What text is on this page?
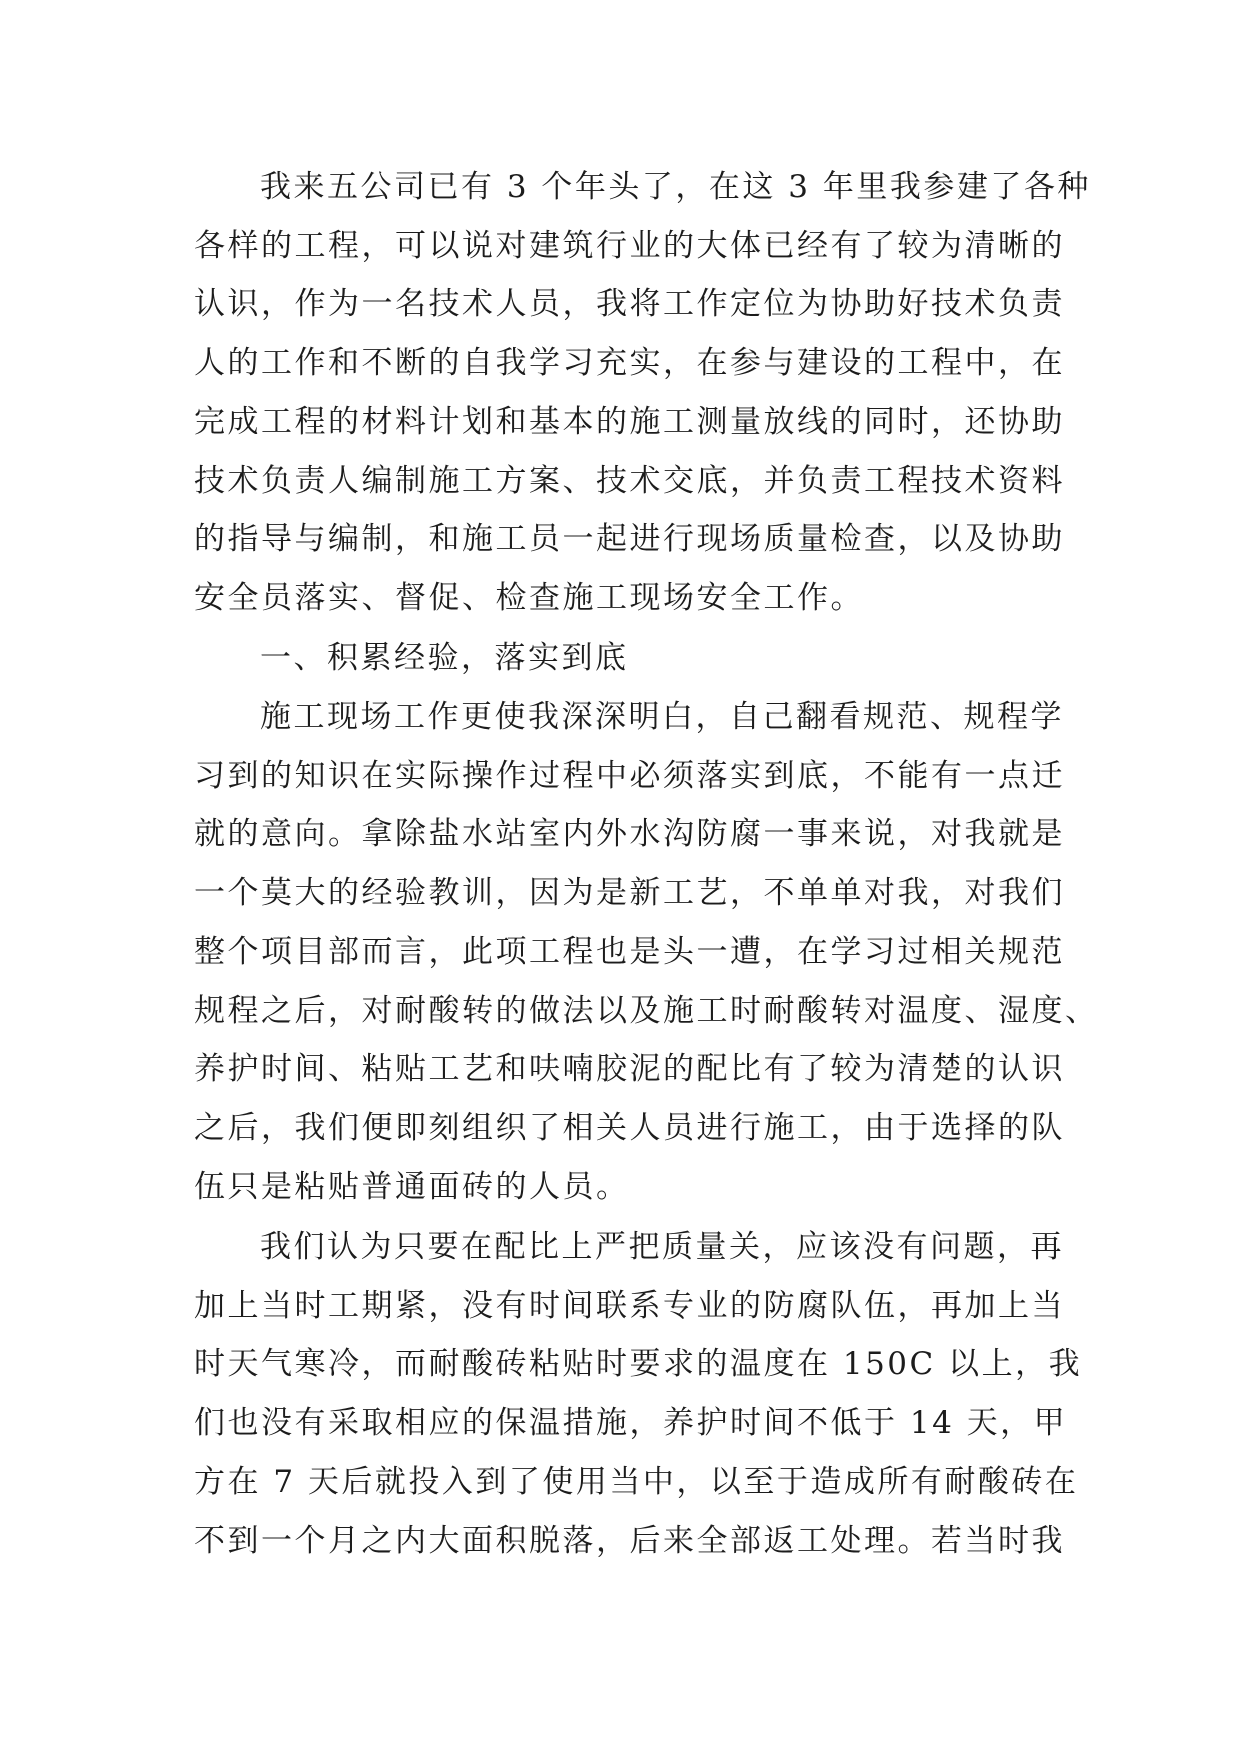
我来五公司已有 3 个年头了，在这 3 年里我参建了各种
各样的工程，可以说对建筑行业的大体已经有了较为清晰的
认识，作为一名技术人员，我将工作定位为协助好技术负责
人的工作和不断的自我学习充实，在参与建设的工程中，在
完成工程的材料计划和基本的施工测量放线的同时，还协助
技术负责人编制施工方案、技术交底，并负责工程技术资料
的指导与编制，和施工员一起进行现场质量检查，以及协助
安全员落实、督促、检查施工现场安全工作。
一、积累经验，落实到底
施工现场工作更使我深深明白，自己翻看规范、规程学
习到的知识在实际操作过程中必须落实到底，不能有一点迁
就的意向。拿除盐水站室内外水沟防腐一事来说，对我就是
一个莫大的经验教训，因为是新工艺，不单单对我，对我们
整个项目部而言，此项工程也是头一遭，在学习过相关规范
规程之后，对耐酸转的做法以及施工时耐酸转对温度、湿度、
养护时间、粘贴工艺和呋喃胶泥的配比有了较为清楚的认识
之后，我们便即刻组织了相关人员进行施工，由于选择的队
伍只是粘贴普通面砖的人员。
我们认为只要在配比上严把质量关，应该没有问题，再
加上当时工期紧，没有时间联系专业的防腐队伍，再加上当
时天气寒冷，而耐酸砖粘贴时要求的温度在 150C 以上，我
们也没有采取相应的保温措施，养护时间不低于 14 天，甲
方在 7 天后就投入到了使用当中，以至于造成所有耐酸砖在
不到一个月之内大面积脱落，后来全部返工处理。若当时我
